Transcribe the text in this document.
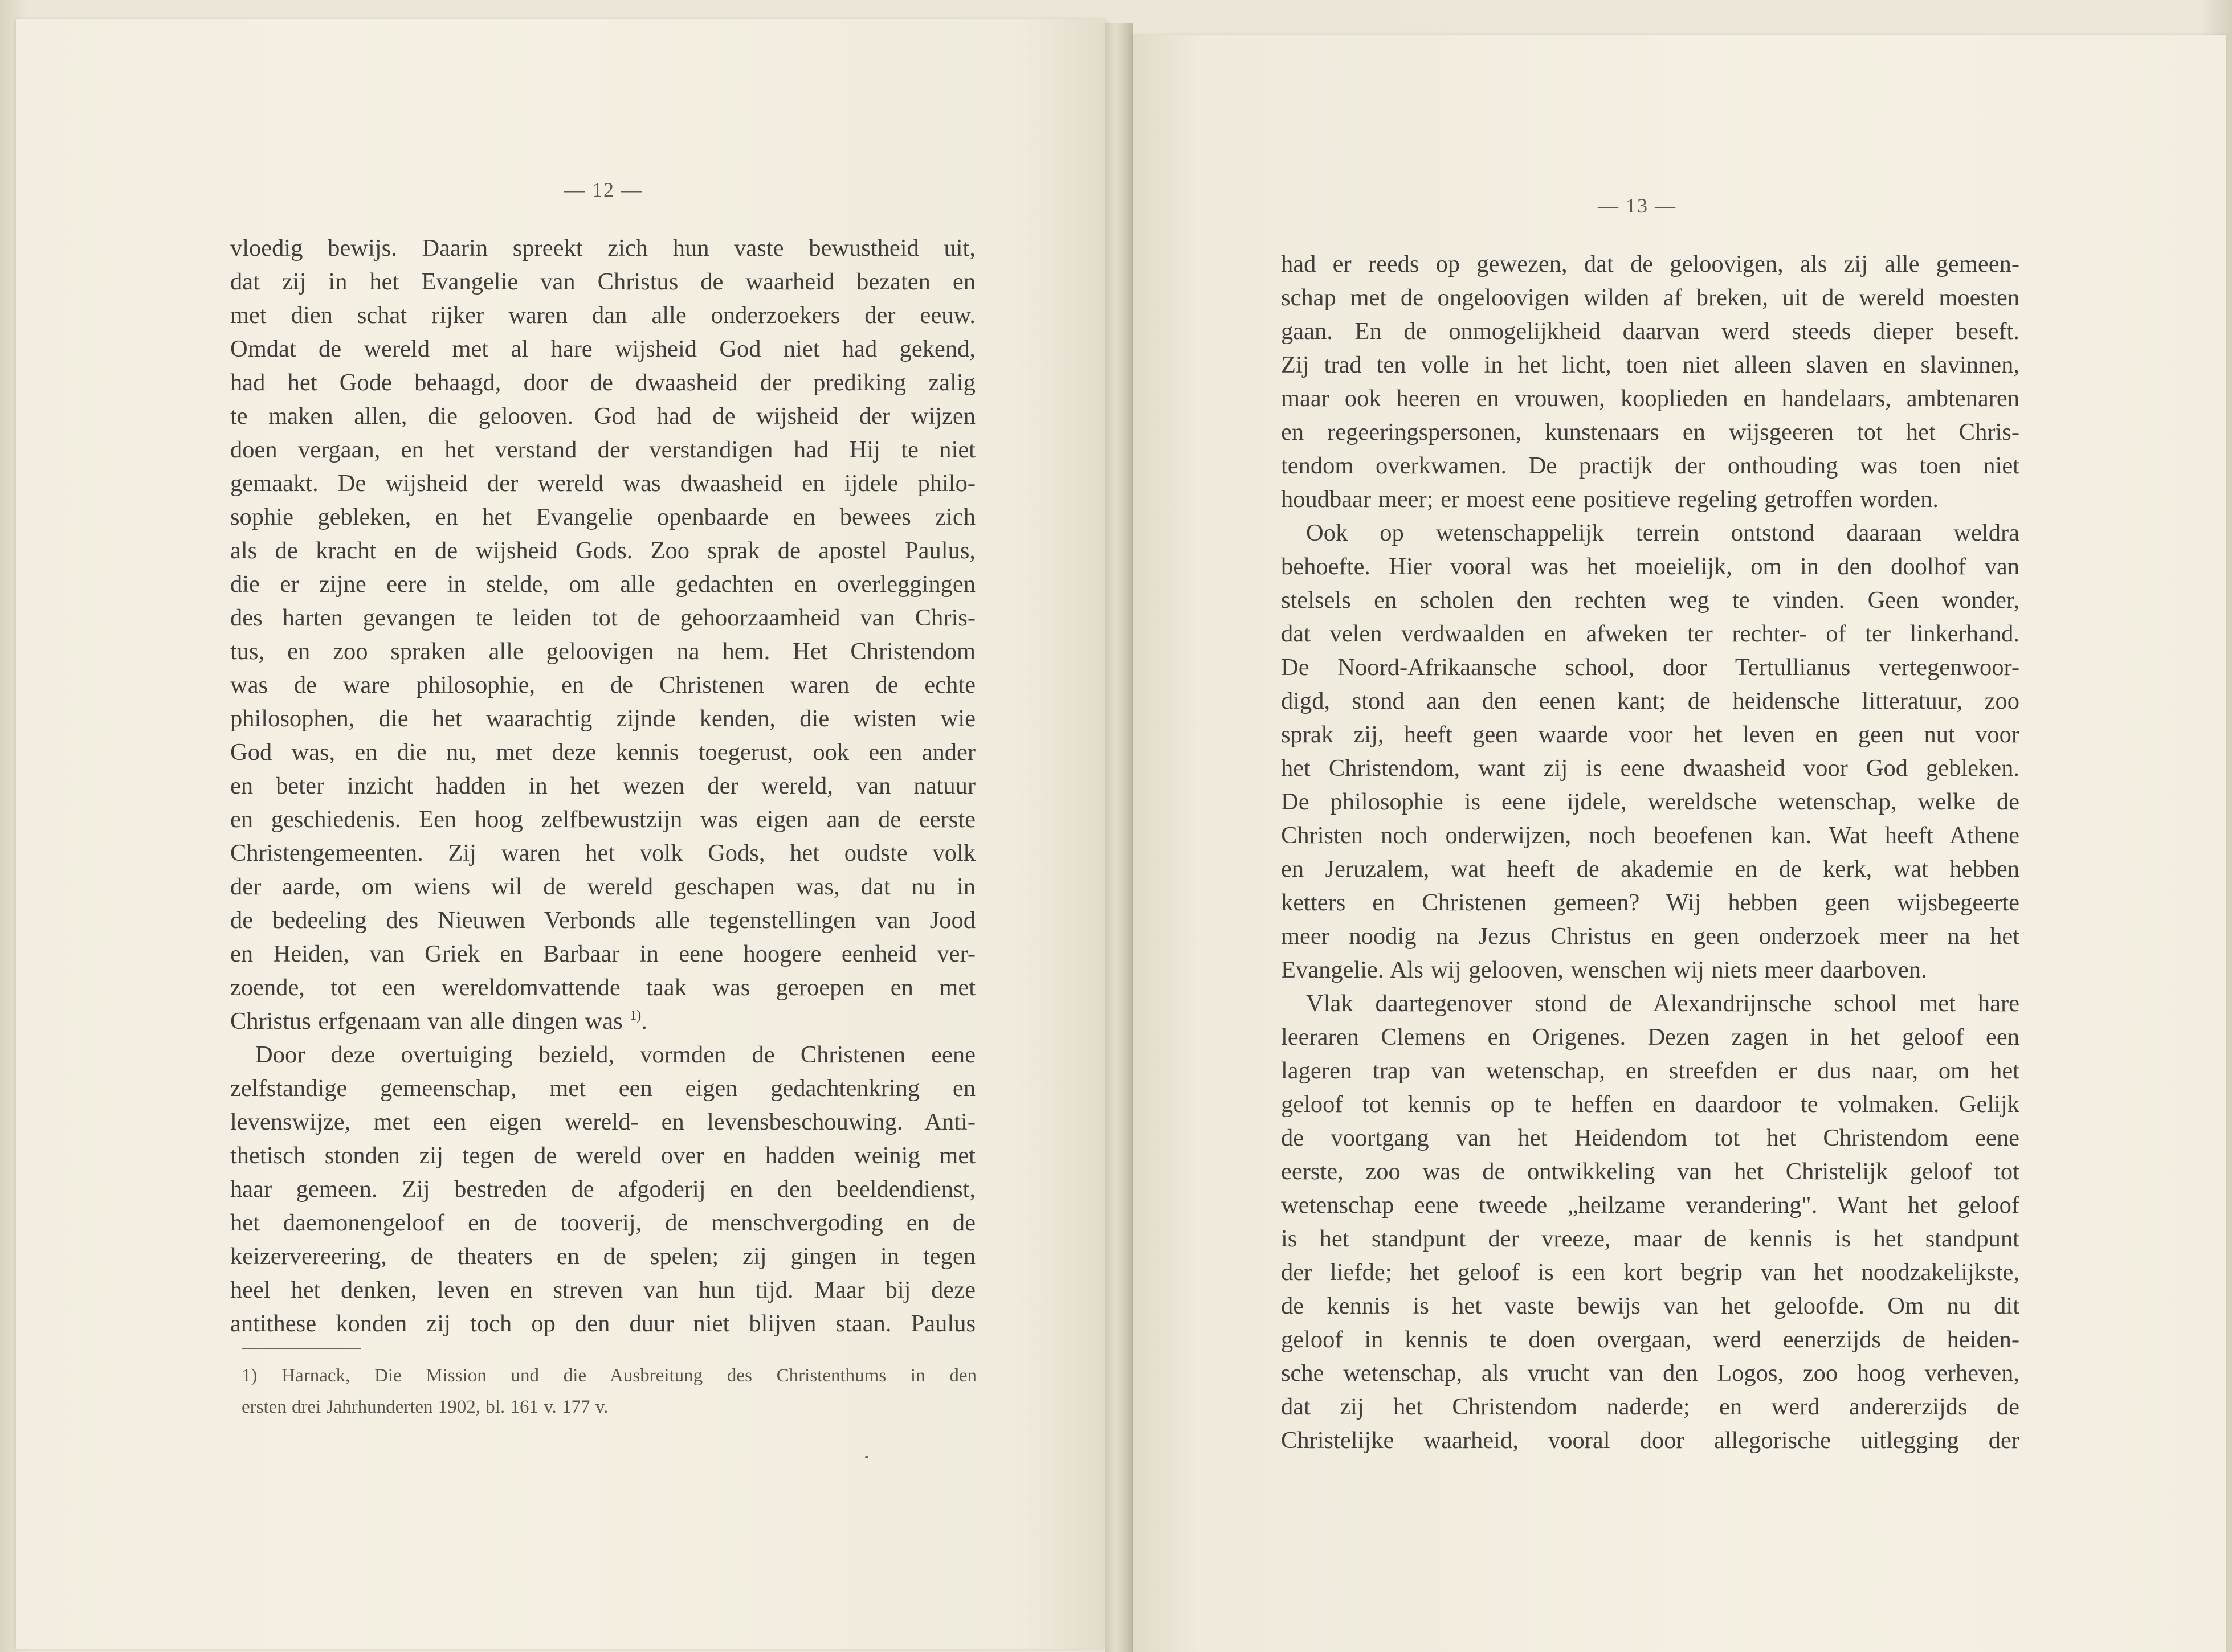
— 12 —
vloedig bewijs. Daarin spreekt zich hun vaste bewustheid uit,
dat zij in het Evangelie van Christus de waarheid bezaten en
met dien schat rijker waren dan alle onderzoekers der eeuw.
Omdat de wereld met al hare wijsheid God niet had gekend,
had het Gode behaagd, door de dwaasheid der prediking zalig
te maken allen, die gelooven. God had de wijsheid der wijzen
doen vergaan, en het verstand der verstandigen had Hij te niet
gemaakt. De wijsheid der wereld was dwaasheid en ijdele philo-
sophie gebleken, en het Evangelie openbaarde en bewees zich
als de kracht en de wijsheid Gods. Zoo sprak de apostel Paulus,
die er zijne eere in stelde, om alle gedachten en overleggingen
des harten gevangen te leiden tot de gehoorzaamheid van Chris-
tus, en zoo spraken alle geloovigen na hem. Het Christendom
was de ware philosophie, en de Christenen waren de echte
philosophen, die het waarachtig zijnde kenden, die wisten wie
God was, en die nu, met deze kennis toegerust, ook een ander
en beter inzicht hadden in het wezen der wereld, van natuur
en geschiedenis. Een hoog zelfbewustzijn was eigen aan de eerste
Christengemeenten. Zij waren het volk Gods, het oudste volk
der aarde, om wiens wil de wereld geschapen was, dat nu in
de bedeeling des Nieuwen Verbonds alle tegenstellingen van Jood
en Heiden, van Griek en Barbaar in eene hoogere eenheid ver-
zoende, tot een wereldomvattende taak was geroepen en met
Christus erfgenaam van alle dingen was $^{1)}$.
Door deze overtuiging bezield, vormden de Christenen eene
zelfstandige gemeenschap, met een eigen gedachtenkring en
levenswijze, met een eigen wereld- en levensbeschouwing. Anti-
thetisch stonden zij tegen de wereld over en hadden weinig met
haar gemeen. Zij bestreden de afgoderij en den beeldendienst,
het daemonengeloof en de tooverij, de menschvergoding en de
keizervereering, de theaters en de spelen; zij gingen in tegen
heel het denken, leven en streven van hun tijd. Maar bij deze
antithese konden zij toch op den duur niet blijven staan. Paulus
1) Harnack, Die Mission und die Ausbreitung des Christenthums in den
ersten drei Jahrhunderten 1902, bl. 161 v. 177 v.
— 13 —
had er reeds op gewezen, dat de geloovigen, als zij alle gemeen-
schap met de ongeloovigen wilden af breken, uit de wereld moesten
gaan. En de onmogelijkheid daarvan werd steeds dieper beseft.
Zij trad ten volle in het licht, toen niet alleen slaven en slavinnen,
maar ook heeren en vrouwen, kooplieden en handelaars, ambtenaren
en regeeringspersonen, kunstenaars en wijsgeeren tot het Chris-
tendom overkwamen. De practijk der onthouding was toen niet
houdbaar meer; er moest eene positieve regeling getroffen worden.
Ook op wetenschappelijk terrein ontstond daaraan weldra
behoefte. Hier vooral was het moeielijk, om in den doolhof van
stelsels en scholen den rechten weg te vinden. Geen wonder,
dat velen verdwaalden en afweken ter rechter- of ter linkerhand.
De Noord-Afrikaansche school, door Tertullianus vertegenwoor-
digd, stond aan den eenen kant; de heidensche litteratuur, zoo
sprak zij, heeft geen waarde voor het leven en geen nut voor
het Christendom, want zij is eene dwaasheid voor God gebleken.
De philosophie is eene ijdele, wereldsche wetenschap, welke de
Christen noch onderwijzen, noch beoefenen kan. Wat heeft Athene
en Jeruzalem, wat heeft de akademie en de kerk, wat hebben
ketters en Christenen gemeen? Wij hebben geen wijsbegeerte
meer noodig na Jezus Christus en geen onderzoek meer na het
Evangelie. Als wij gelooven, wenschen wij niets meer daarboven.
Vlak daartegenover stond de Alexandrijnsche school met hare
leeraren Clemens en Origenes. Dezen zagen in het geloof een
lageren trap van wetenschap, en streefden er dus naar, om het
geloof tot kennis op te heffen en daardoor te volmaken. Gelijk
de voortgang van het Heidendom tot het Christendom eene
eerste, zoo was de ontwikkeling van het Christelijk geloof tot
wetenschap eene tweede „heilzame verandering". Want het geloof
is het standpunt der vreeze, maar de kennis is het standpunt
der liefde; het geloof is een kort begrip van het noodzakelijkste,
de kennis is het vaste bewijs van het geloofde. Om nu dit
geloof in kennis te doen overgaan, werd eenerzijds de heiden-
sche wetenschap, als vrucht van den Logos, zoo hoog verheven,
dat zij het Christendom naderde; en werd andererzijds de
Christelijke waarheid, vooral door allegorische uitlegging der
